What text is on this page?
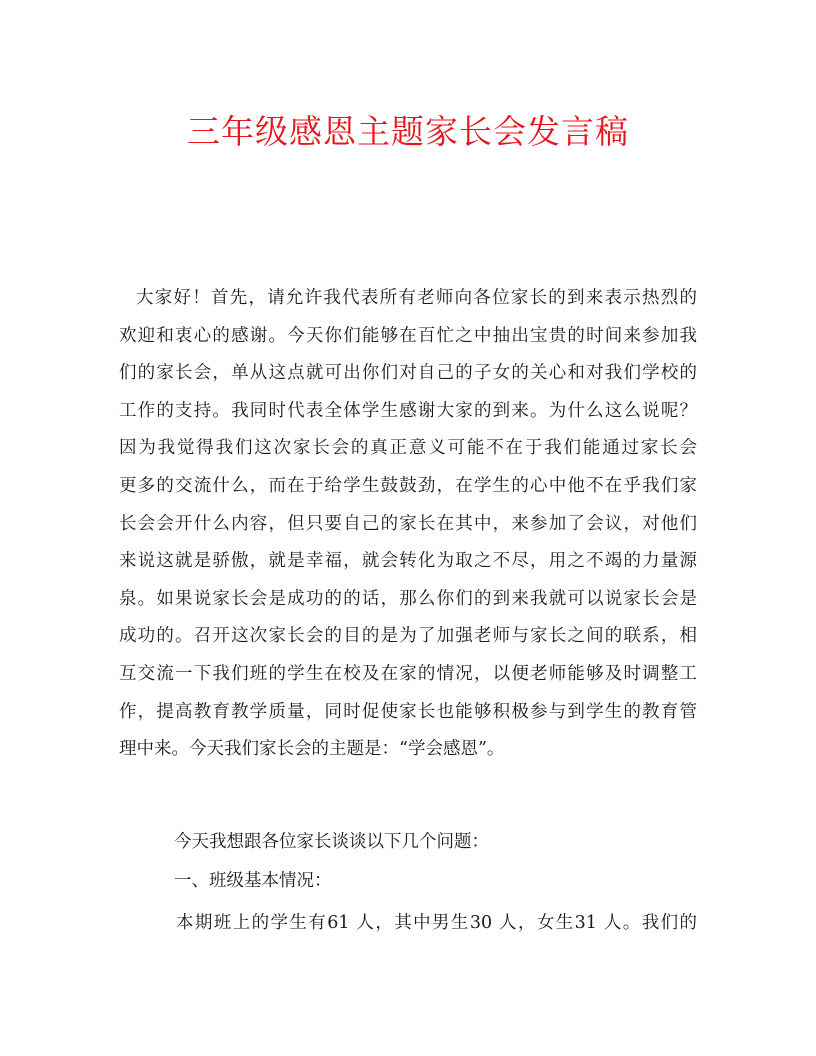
三年级感恩主题家长会发言稿
大家好！首先，请允许我代表所有老师向各位家长的到来表示热烈的
欢迎和衷心的感谢。今天你们能够在百忙之中抽出宝贵的时间来参加我
们的家长会，单从这点就可出你们对自己的子女的关心和对我们学校的
工作的支持。我同时代表全体学生感谢大家的到来。为什么这么说呢？
因为我觉得我们这次家长会的真正意义可能不在于我们能通过家长会
更多的交流什么，而在于给学生鼓鼓劲，在学生的心中他不在乎我们家
长会会开什么内容，但只要自己的家长在其中，来参加了会议，对他们
来说这就是骄傲，就是幸福，就会转化为取之不尽，用之不竭的力量源
泉。如果说家长会是成功的的话，那么你们的到来我就可以说家长会是
成功的。召开这次家长会的目的是为了加强老师与家长之间的联系，相
互交流一下我们班的学生在校及在家的情况，以便老师能够及时调整工
作，提高教育教学质量，同时促使家长也能够积极参与到学生的教育管
理中来。今天我们家长会的主题是：“学会感恩”。
今天我想跟各位家长谈谈以下几个问题：
一、班级基本情况：
本期班上的学生有61 人，其中男生30 人，女生31 人。我们的
